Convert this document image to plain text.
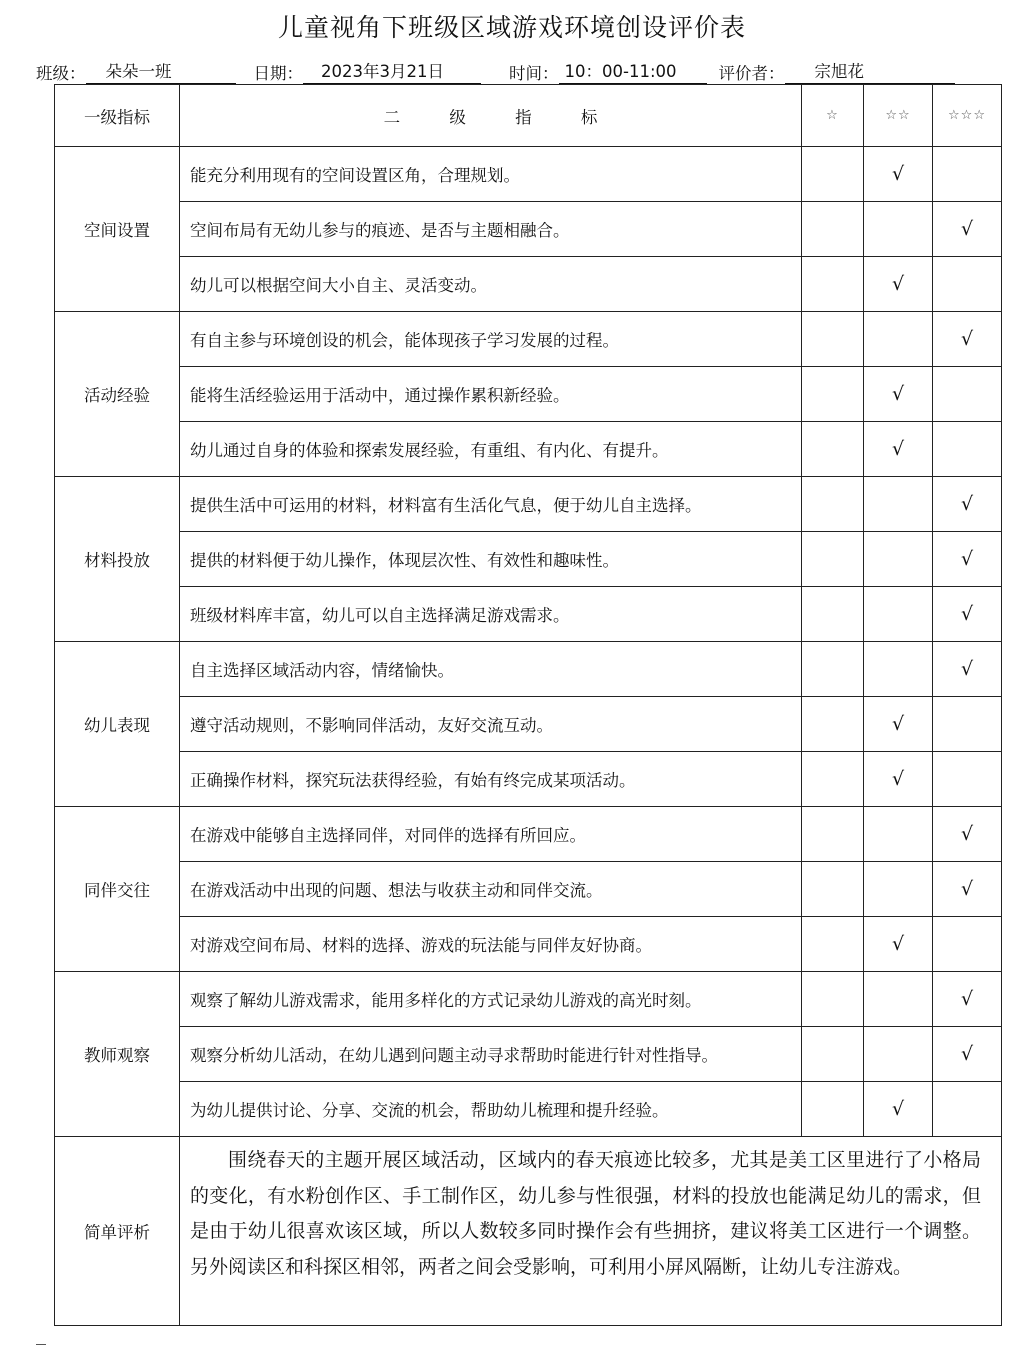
儿童视角下班级区域游戏环境创设评价表
班级：	朵朵一班	日期：	2023年3月21日	时间： 10：00-11:00	评价者：	宗旭花
一级指标	二 级 指 标	☆	☆☆	☆☆☆
空间设置	能充分利用现有的空间设置区角，合理规划。		√	
	空间布局有无幼儿参与的痕迹、是否与主题相融合。			√
	幼儿可以根据空间大小自主、灵活变动。		√	
活动经验	有自主参与环境创设的机会，能体现孩子学习发展的过程。			√
	能将生活经验运用于活动中，通过操作累积新经验。		√	
	幼儿通过自身的体验和探索发展经验，有重组、有内化、有提升。		√	
材料投放	提供生活中可运用的材料，材料富有生活化气息，便于幼儿自主选择。			√
	提供的材料便于幼儿操作，体现层次性、有效性和趣味性。			√
	班级材料库丰富，幼儿可以自主选择满足游戏需求。			√
幼儿表现	自主选择区域活动内容，情绪愉快。			√
	遵守活动规则，不影响同伴活动，友好交流互动。		√	
	正确操作材料，探究玩法获得经验，有始有终完成某项活动。		√	
同伴交往	在游戏中能够自主选择同伴，对同伴的选择有所回应。			√
	在游戏活动中出现的问题、想法与收获主动和同伴交流。			√
	对游戏空间布局、材料的选择、游戏的玩法能与同伴友好协商。		√	
教师观察	观察了解幼儿游戏需求，能用多样化的方式记录幼儿游戏的高光时刻。			√
	观察分析幼儿活动，在幼儿遇到问题主动寻求帮助时能进行针对性指导。			√
	为幼儿提供讨论、分享、交流的机会，帮助幼儿梳理和提升经验。		√	
简单评析	围绕春天的主题开展区域活动，区域内的春天痕迹比较多，尤其是美工区里进行了小格局的变化，有水粉创作区、手工制作区，幼儿参与性很强，材料的投放也能满足幼儿的需求，但是由于幼儿很喜欢该区域，所以人数较多同时操作会有些拥挤，建议将美工区进行一个调整。另外阅读区和科探区相邻，两者之间会受影响，可利用小屏风隔断，让幼儿专注游戏。			
